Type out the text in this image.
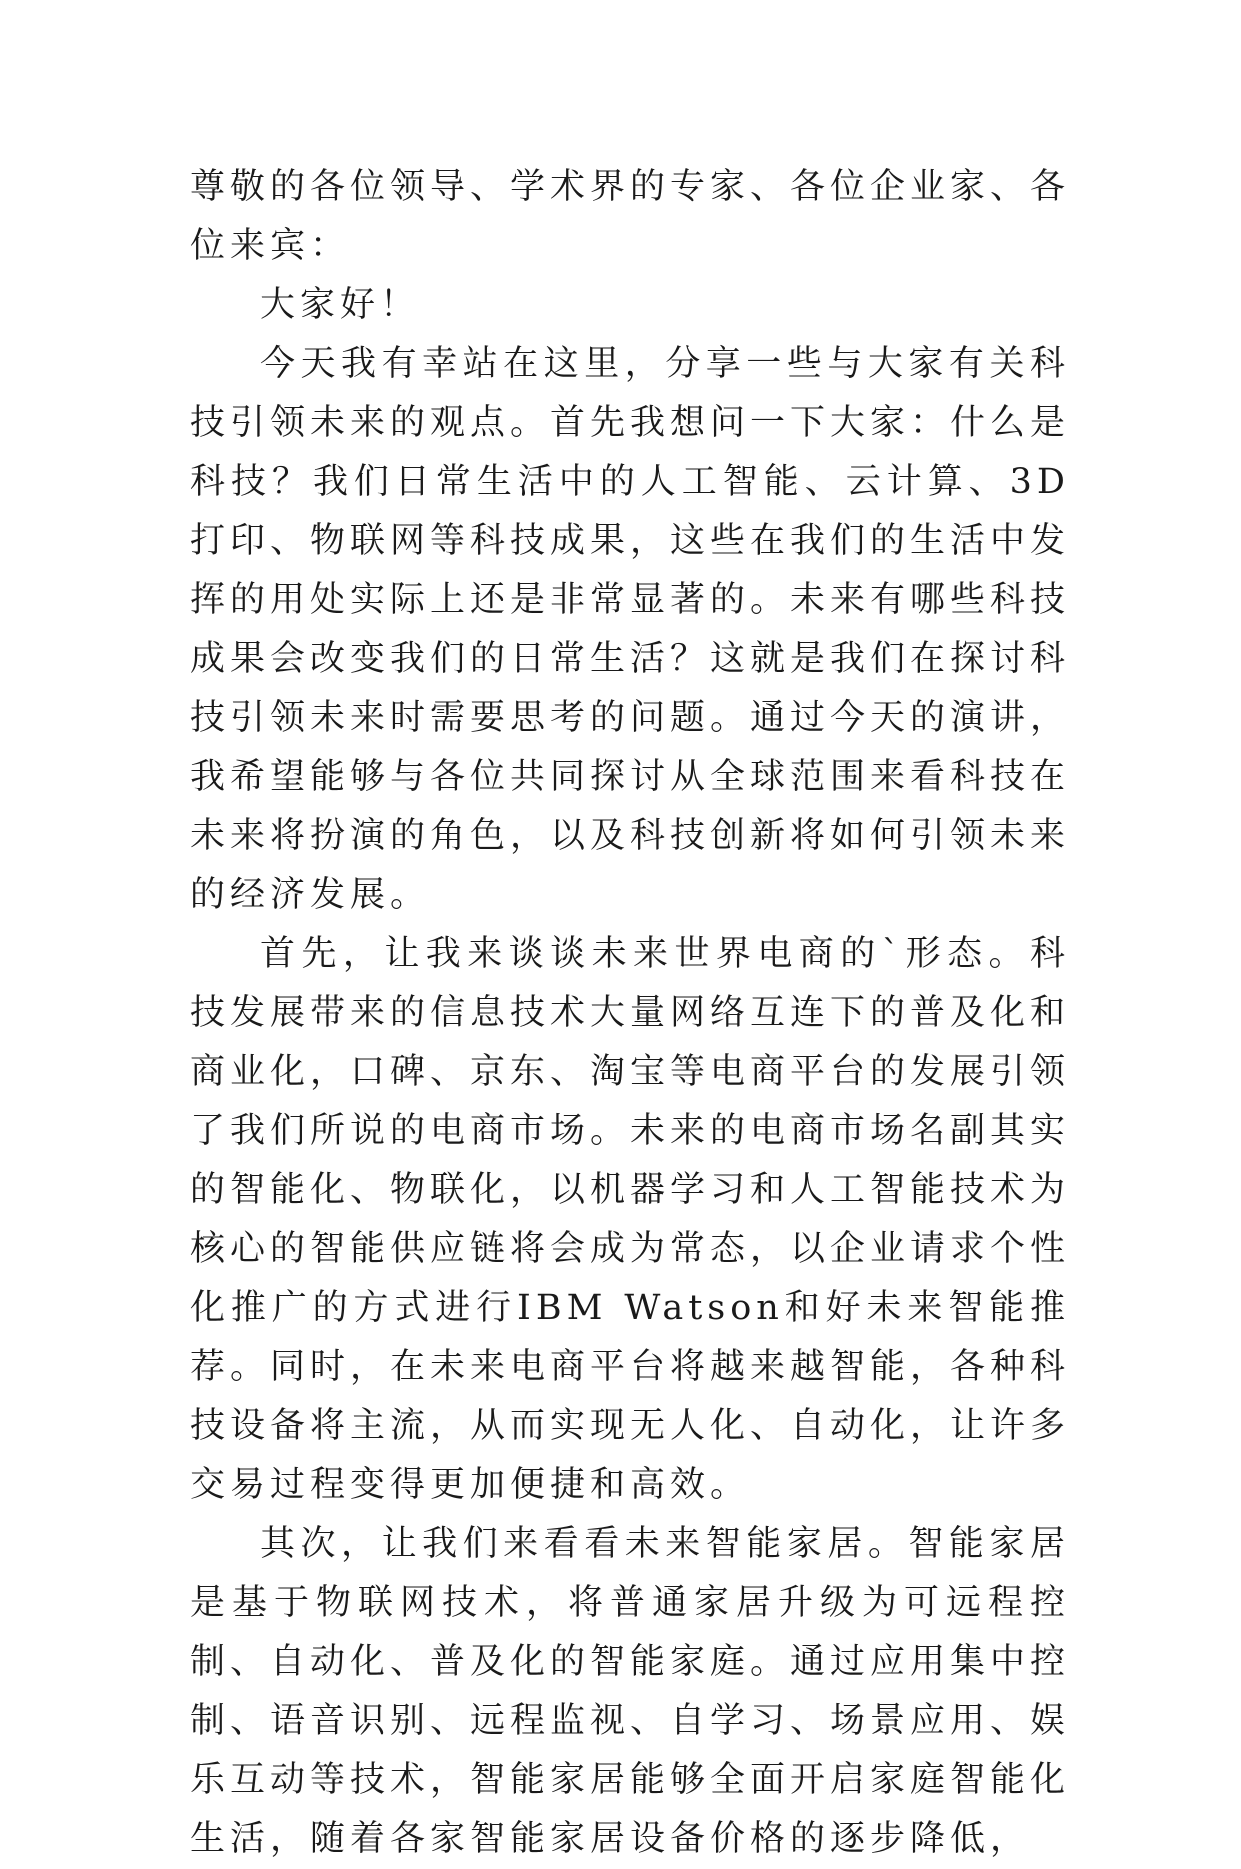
尊敬的各位领导、学术界的专家、各位企业家、各位来宾：

大家好！

今天我有幸站在这里，分享一些与大家有关科技引领未来的观点。首先我想问一下大家：什么是科技？我们日常生活中的人工智能、云计算、3D打印、物联网等科技成果，这些在我们的生活中发挥的用处实际上还是非常显著的。未来有哪些科技成果会改变我们的日常生活？这就是我们在探讨科技引领未来时需要思考的问题。通过今天的演讲，我希望能够与各位共同探讨从全球范围来看科技在未来将扮演的角色，以及科技创新将如何引领未来的经济发展。

首先，让我来谈谈未来世界电商的`形态。科技发展带来的信息技术大量网络互连下的普及化和商业化，口碑、京东、淘宝等电商平台的发展引领了我们所说的电商市场。未来的电商市场名副其实的智能化、物联化，以机器学习和人工智能技术为核心的智能供应链将会成为常态，以企业请求个性化推广的方式进行IBM Watson和好未来智能推荐。同时，在未来电商平台将越来越智能，各种科技设备将主流，从而实现无人化、自动化，让许多交易过程变得更加便捷和高效。

其次，让我们来看看未来智能家居。智能家居是基于物联网技术，将普通家居升级为可远程控制、自动化、普及化的智能家庭。通过应用集中控制、语音识别、远程监视、自学习、场景应用、娱乐互动等技术，智能家居能够全面开启家庭智能化生活，随着各家智能家居设备价格的逐步降低，
